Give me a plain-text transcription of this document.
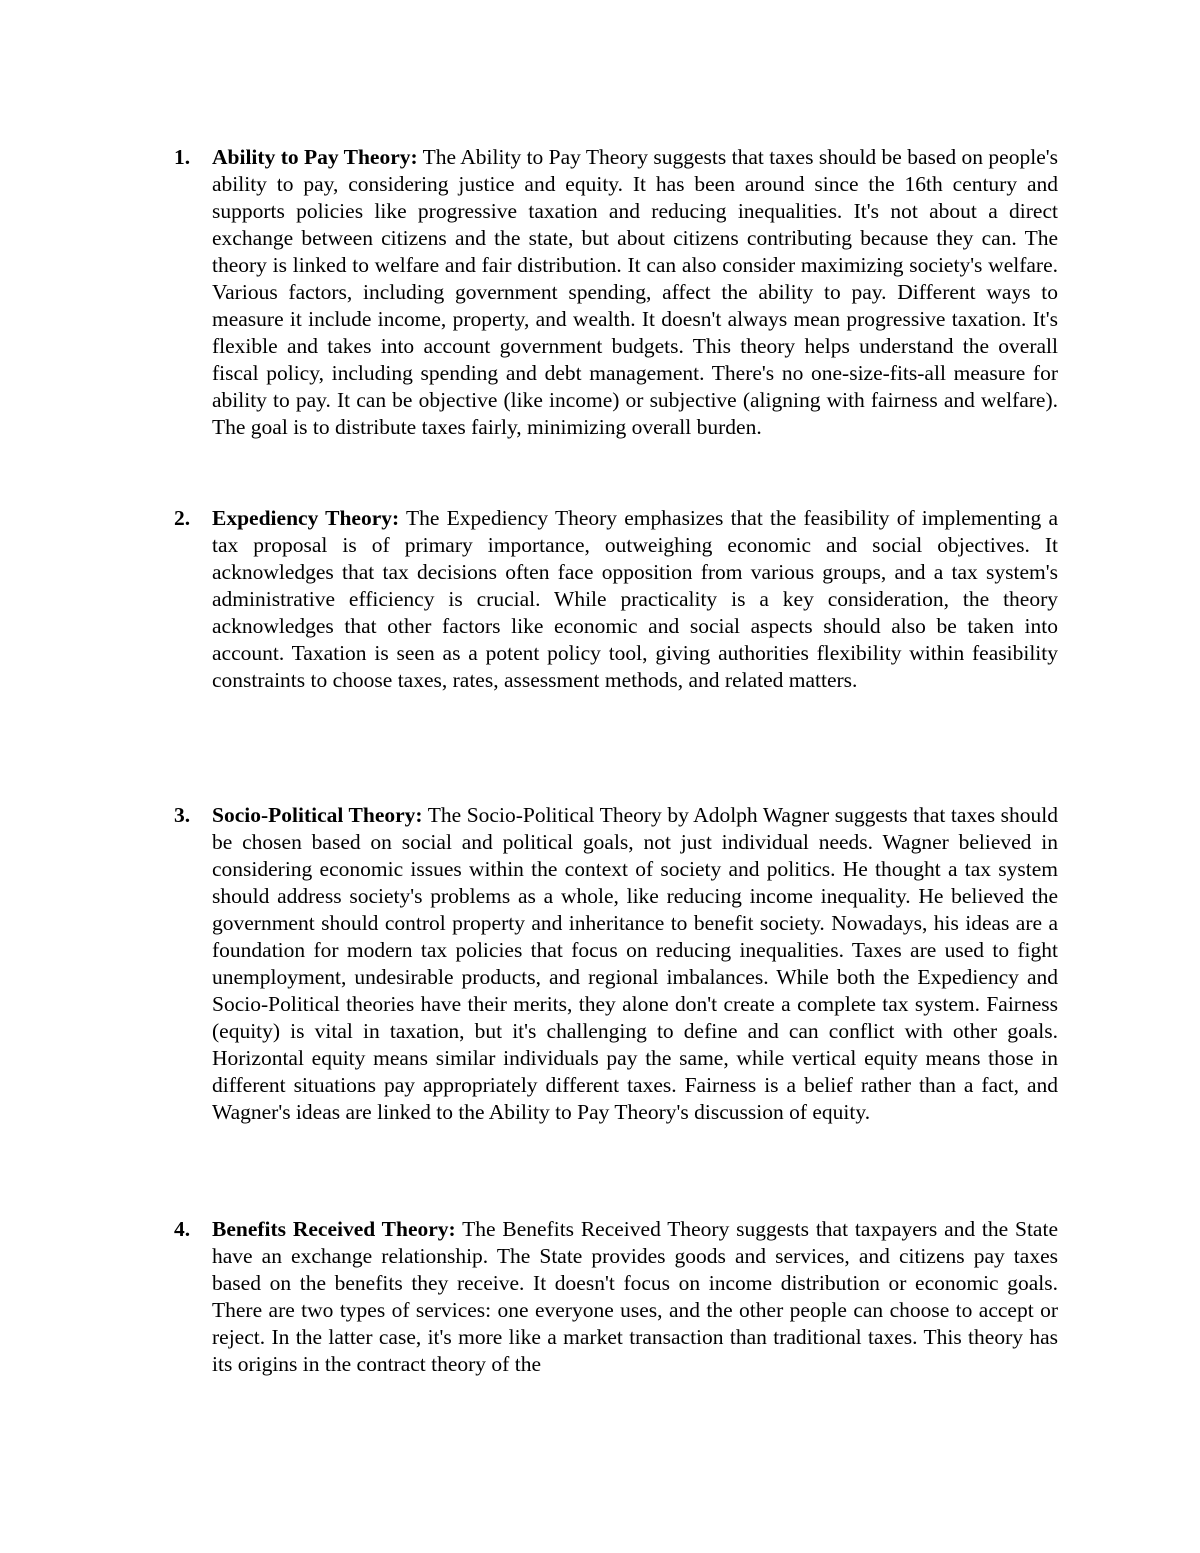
1. Ability to Pay Theory: The Ability to Pay Theory suggests that taxes should be based on people's ability to pay, considering justice and equity. It has been around since the 16th century and supports policies like progressive taxation and reducing inequalities. It's not about a direct exchange between citizens and the state, but about citizens contributing because they can. The theory is linked to welfare and fair distribution. It can also consider maximizing society's welfare. Various factors, including government spending, affect the ability to pay. Different ways to measure it include income, property, and wealth. It doesn't always mean progressive taxation. It's flexible and takes into account government budgets. This theory helps understand the overall fiscal policy, including spending and debt management. There's no one-size-fits-all measure for ability to pay. It can be objective (like income) or subjective (aligning with fairness and welfare). The goal is to distribute taxes fairly, minimizing overall burden.
2. Expediency Theory: The Expediency Theory emphasizes that the feasibility of implementing a tax proposal is of primary importance, outweighing economic and social objectives. It acknowledges that tax decisions often face opposition from various groups, and a tax system's administrative efficiency is crucial. While practicality is a key consideration, the theory acknowledges that other factors like economic and social aspects should also be taken into account. Taxation is seen as a potent policy tool, giving authorities flexibility within feasibility constraints to choose taxes, rates, assessment methods, and related matters.
3. Socio-Political Theory: The Socio-Political Theory by Adolph Wagner suggests that taxes should be chosen based on social and political goals, not just individual needs. Wagner believed in considering economic issues within the context of society and politics. He thought a tax system should address society's problems as a whole, like reducing income inequality. He believed the government should control property and inheritance to benefit society. Nowadays, his ideas are a foundation for modern tax policies that focus on reducing inequalities. Taxes are used to fight unemployment, undesirable products, and regional imbalances. While both the Expediency and Socio-Political theories have their merits, they alone don't create a complete tax system. Fairness (equity) is vital in taxation, but it's challenging to define and can conflict with other goals. Horizontal equity means similar individuals pay the same, while vertical equity means those in different situations pay appropriately different taxes. Fairness is a belief rather than a fact, and Wagner's ideas are linked to the Ability to Pay Theory's discussion of equity.
4. Benefits Received Theory: The Benefits Received Theory suggests that taxpayers and the State have an exchange relationship. The State provides goods and services, and citizens pay taxes based on the benefits they receive. It doesn't focus on income distribution or economic goals. There are two types of services: one everyone uses, and the other people can choose to accept or reject. In the latter case, it's more like a market transaction than traditional taxes. This theory has its origins in the contract theory of the
